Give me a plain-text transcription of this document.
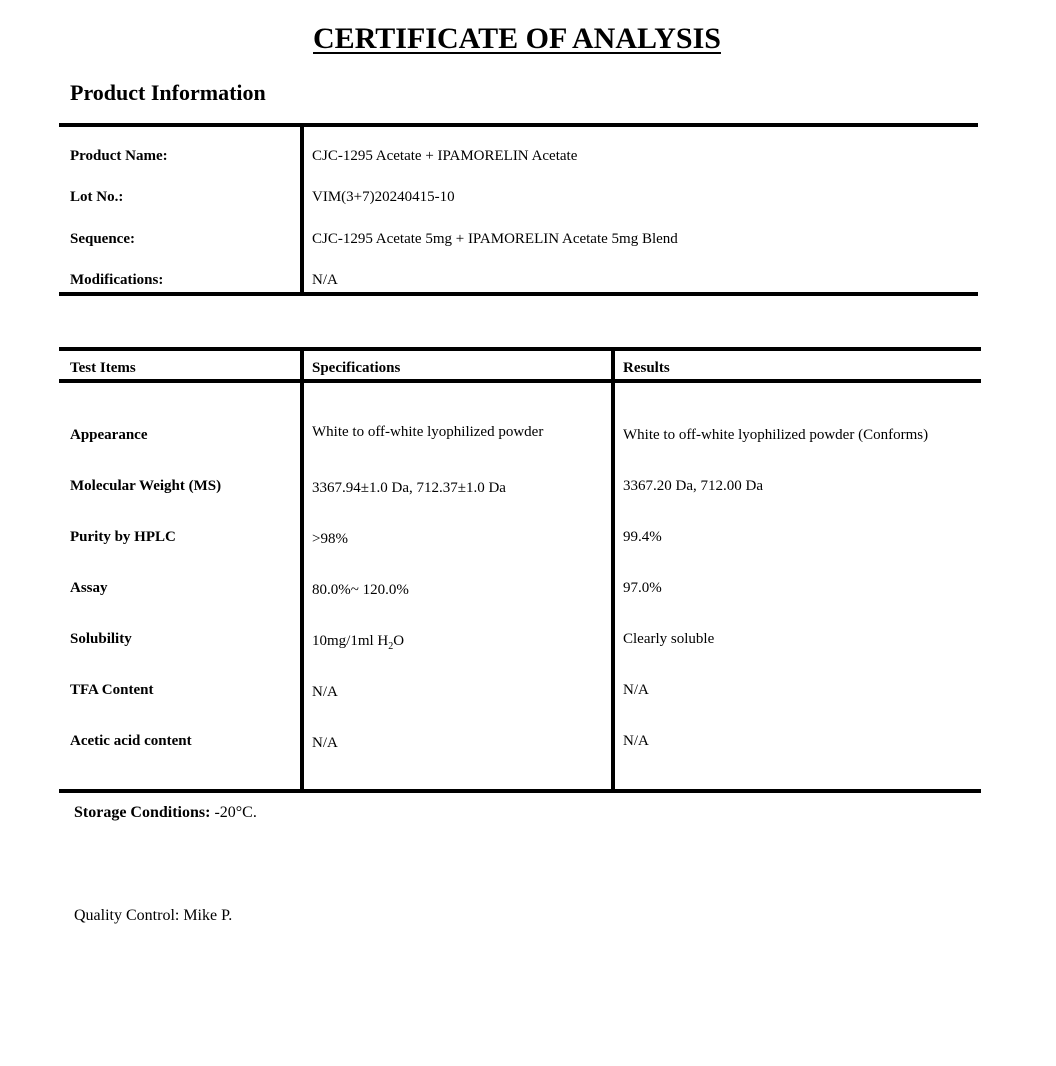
CERTIFICATE OF ANALYSIS
Product Information
Product Name:	CJC-1295 Acetate + IPAMORELIN Acetate
Lot No.:	VIM(3+7)20240415-10
Sequence:	CJC-1295 Acetate 5mg + IPAMORELIN Acetate 5mg Blend
Modifications:	N/A
Test Items	Specifications	Results
Appearance	White to off-white lyophilized powder	White to off-white lyophilized powder (Conforms)
Molecular Weight (MS)	3367.94±1.0 Da, 712.37±1.0 Da	3367.20 Da, 712.00 Da
Purity by HPLC	>98%	99.4%
Assay	80.0%~ 120.0%	97.0%
Solubility	10mg/1ml $H_2O$	Clearly soluble
TFA Content	N/A	N/A
Acetic acid content	N/A	N/A
Storage Conditions: -20°C.
Quality Control: Mike P.
